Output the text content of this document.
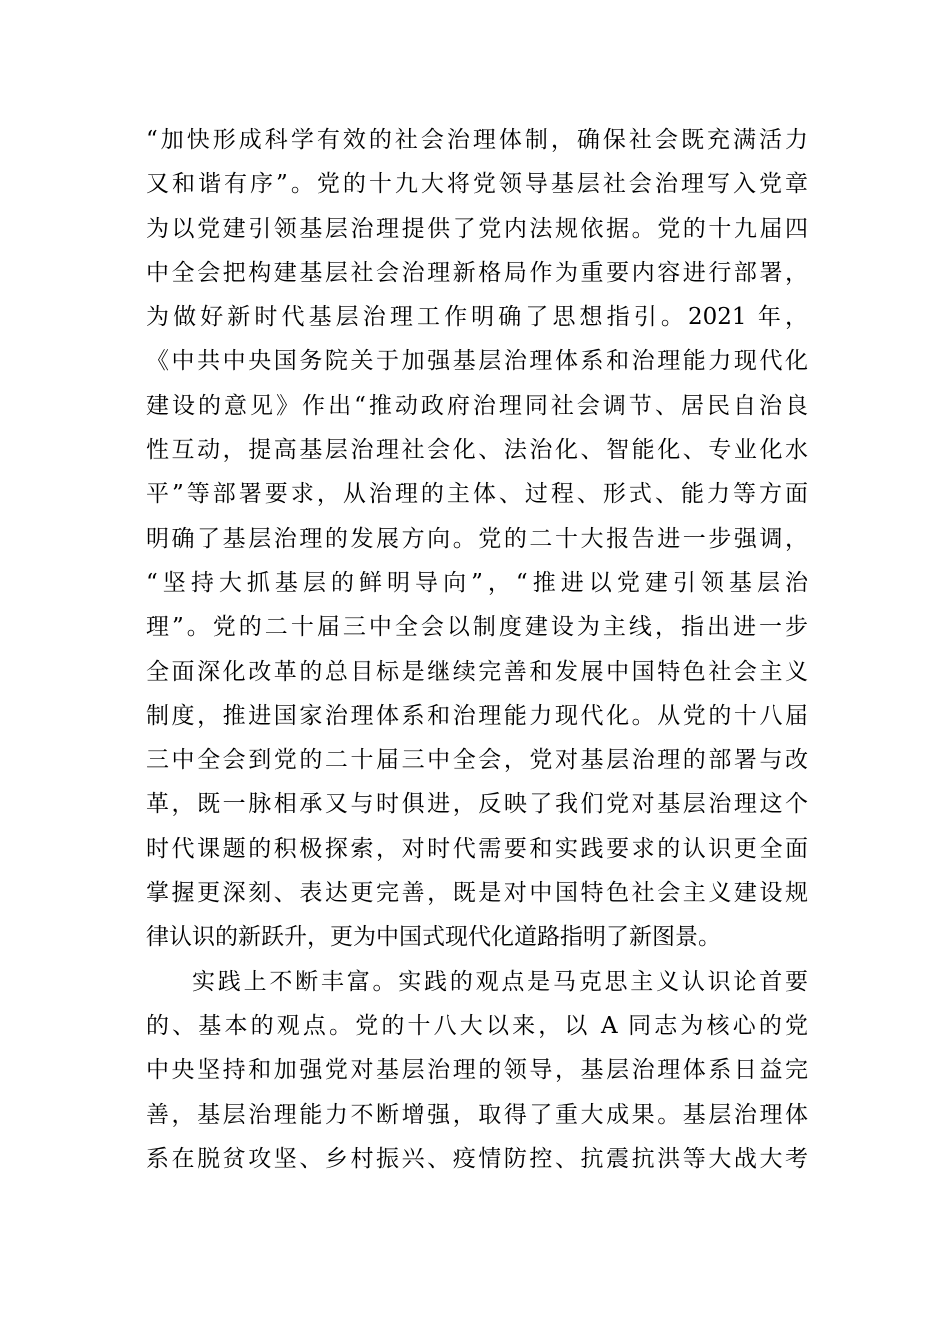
“加快形成科学有效的社会治理体制，确保社会既充满活力
又和谐有序”。党的十九大将党领导基层社会治理写入党章
为以党建引领基层治理提供了党内法规依据。党的十九届四
中全会把构建基层社会治理新格局作为重要内容进行部署，
为做好新时代基层治理工作明确了思想指引。2021 年，
《中共中央国务院关于加强基层治理体系和治理能力现代化
建设的意见》作出“推动政府治理同社会调节、居民自治良
性互动，提高基层治理社会化、法治化、智能化、专业化水
平”等部署要求，从治理的主体、过程、形式、能力等方面
明确了基层治理的发展方向。党的二十大报告进一步强调，
“坚持大抓基层的鲜明导向”，“推进以党建引领基层治
理”。党的二十届三中全会以制度建设为主线，指出进一步
全面深化改革的总目标是继续完善和发展中国特色社会主义
制度，推进国家治理体系和治理能力现代化。从党的十八届
三中全会到党的二十届三中全会，党对基层治理的部署与改
革，既一脉相承又与时俱进，反映了我们党对基层治理这个
时代课题的积极探索，对时代需要和实践要求的认识更全面
掌握更深刻、表达更完善，既是对中国特色社会主义建设规
律认识的新跃升，更为中国式现代化道路指明了新图景。
实践上不断丰富。实践的观点是马克思主义认识论首要
的、基本的观点。党的十八大以来，以 A 同志为核心的党
中央坚持和加强党对基层治理的领导，基层治理体系日益完
善，基层治理能力不断增强，取得了重大成果。基层治理体
系在脱贫攻坚、乡村振兴、疫情防控、抗震抗洪等大战大考
